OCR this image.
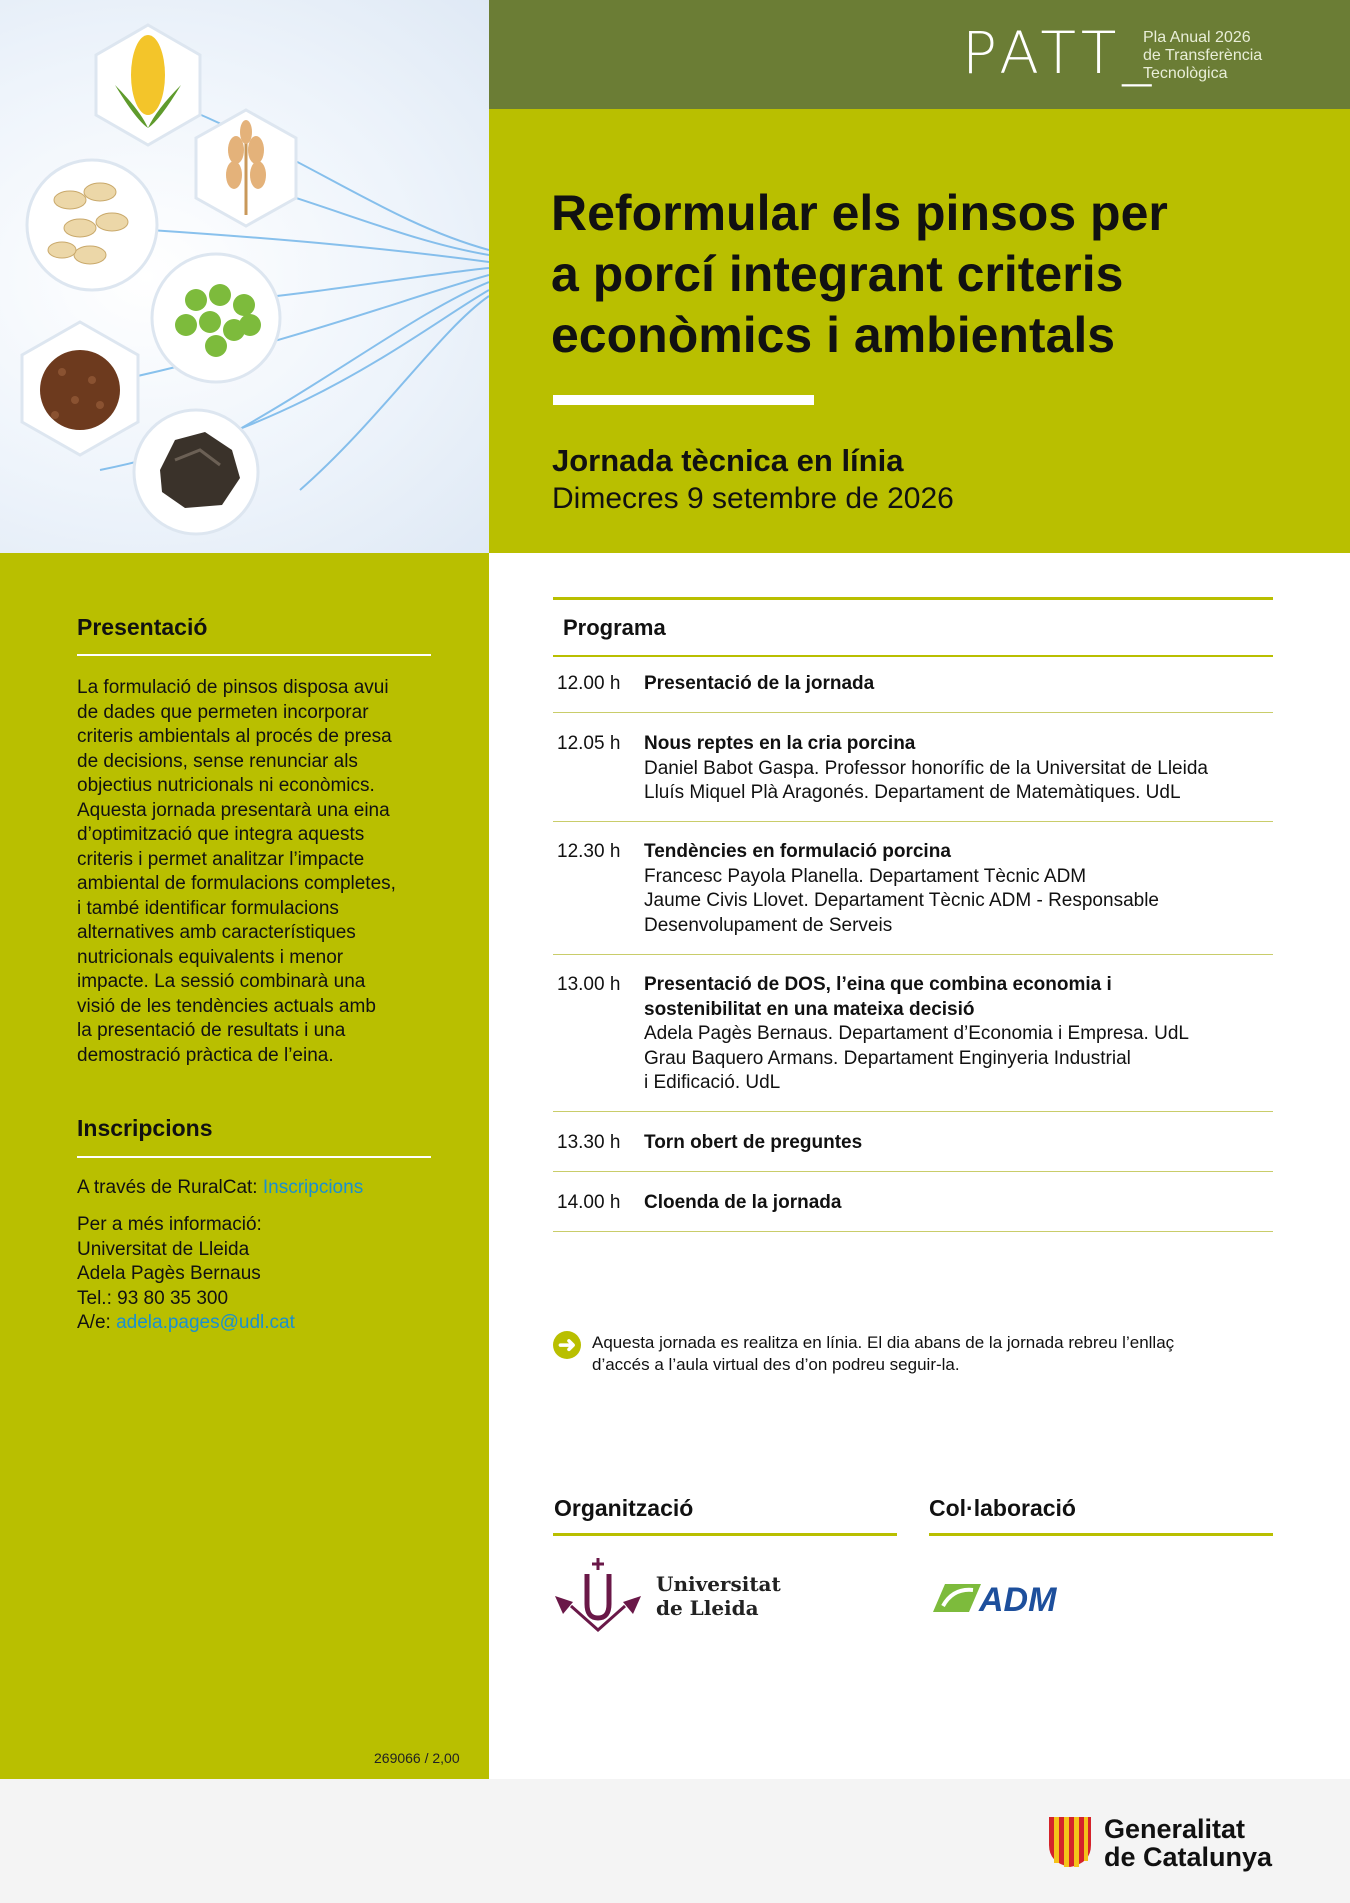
PATT_
Pla Anual 2026
de Transferència
Tecnològica
Reformular els pinsos per
a porcí integrant criteris
econòmics i ambientals
Jornada tècnica en línia
Dimecres 9 setembre de 2026
Presentació
La formulació de pinsos disposa avui
de dades que permeten incorporar
criteris ambientals al procés de presa
de decisions, sense renunciar als
objectius nutricionals ni econòmics.
Aquesta jornada presentarà una eina
d’optimització que integra aquests
criteris i permet analitzar l’impacte
ambiental de formulacions completes,
i també identificar formulacions
alternatives amb característiques
nutricionals equivalents i menor
impacte. La sessió combinarà una
visió de les tendències actuals amb
la presentació de resultats i una
demostració pràctica de l’eina.
Inscripcions
A través de RuralCat: Inscripcions
Per a més informació:
Universitat de Lleida
Adela Pagès Bernaus
Tel.: 93 80 35 300
A/e: adela.pages@udl.cat
269066 / 2,00
Programa
12.00 h Presentació de la jornada
12.05 h Nous reptes en la cria porcina
Daniel Babot Gaspa. Professor honorífic de la Universitat de Lleida
Lluís Miquel Plà Aragonés. Departament de Matemàtiques. UdL
12.30 h Tendències en formulació porcina
Francesc Payola Planella. Departament Tècnic ADM
Jaume Civis Llovet. Departament Tècnic ADM - Responsable
Desenvolupament de Serveis
13.00 h Presentació de DOS, l’eina que combina economia i
sostenibilitat en una mateixa decisió
Adela Pagès Bernaus. Departament d’Economia i Empresa. UdL
Grau Baquero Armans. Departament Enginyeria Industrial
i Edificació. UdL
13.30 h Torn obert de preguntes
14.00 h Cloenda de la jornada
➜ Aquesta jornada es realitza en línia. El dia abans de la jornada rebreu l’enllaç
d’accés a l’aula virtual des d’on podreu seguir-la.
Organització	Col·laboració
Universitat
de Lleida	ADM
Generalitat
de Catalunya
